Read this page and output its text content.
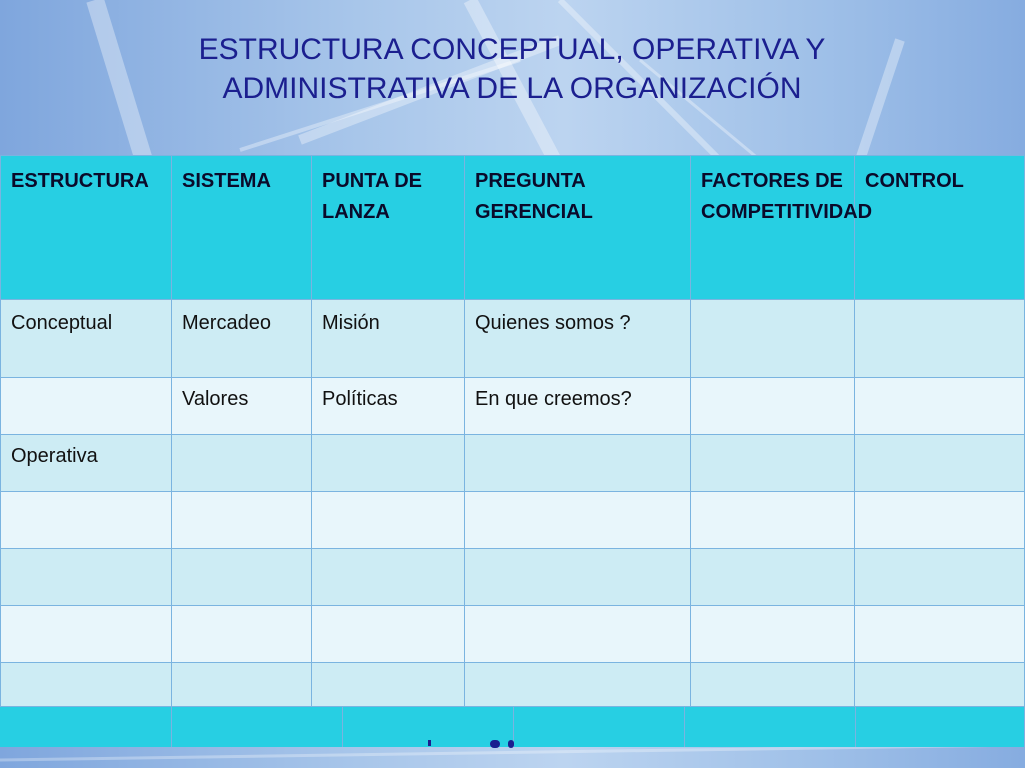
ESTRUCTURA CONCEPTUAL, OPERATIVA Y
ADMINISTRATIVA DE LA ORGANIZACIÓN
ESTRUCTURA	SISTEMA	PUNTA DE LANZA	PREGUNTA GERENCIAL	FACTORES DE COMPETITIVIDAD	CONTROL
Conceptual	Mercadeo	Misión	Quienes somos ?		
	Valores	Políticas	En que creemos?		
Operativa					
